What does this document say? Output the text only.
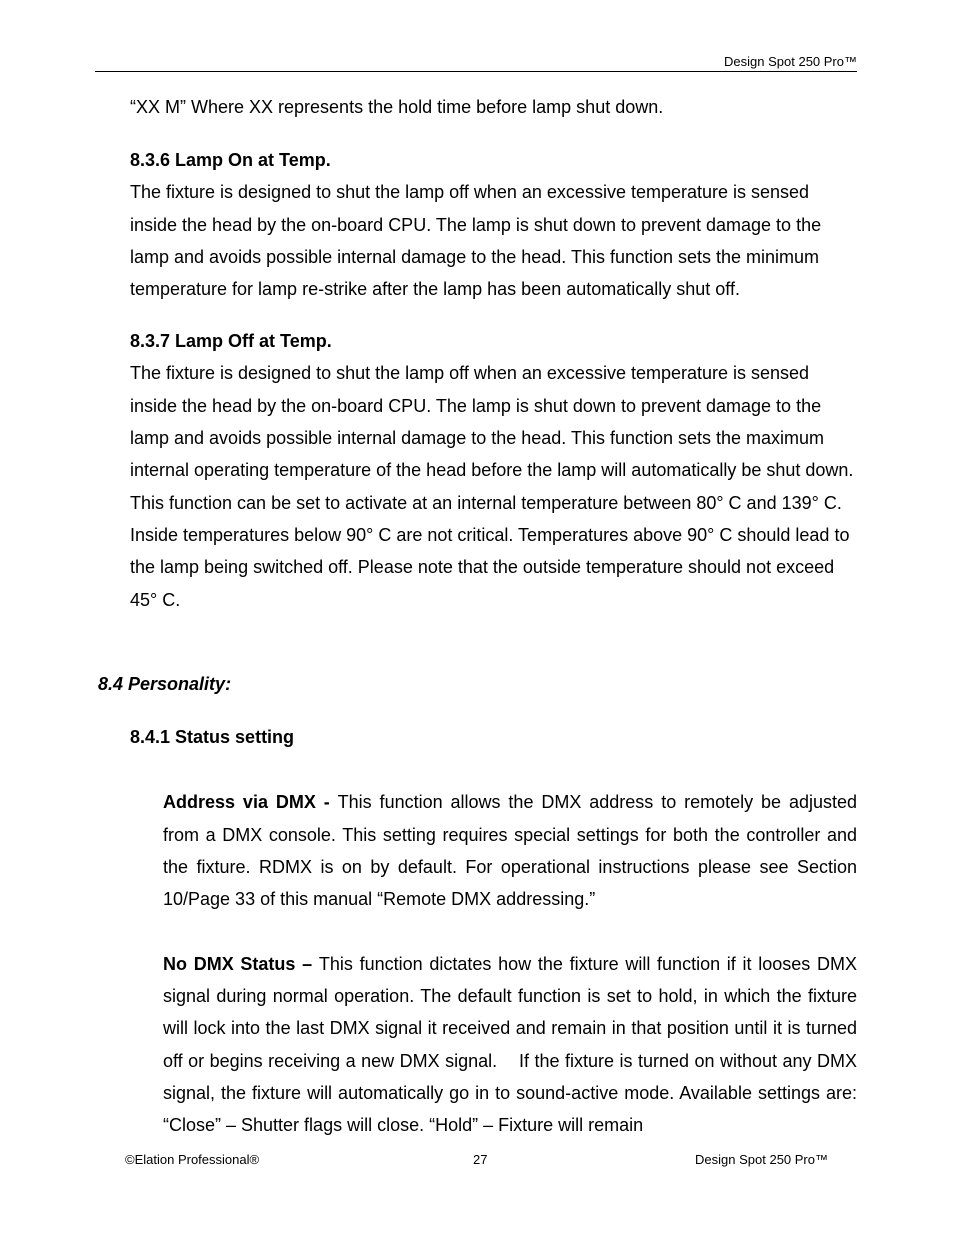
Design Spot 250 Pro™

“XX M” Where XX represents the hold time before lamp shut down.

8.3.6 Lamp On at Temp.

The fixture is designed to shut the lamp off when an excessive temperature is sensed inside the head by the on-board CPU. The lamp is shut down to prevent damage to the lamp and avoids possible internal damage to the head. This function sets the minimum temperature for lamp re-strike after the lamp has been automatically shut off.

8.3.7 Lamp Off at Temp.

The fixture is designed to shut the lamp off when an excessive temperature is sensed inside the head by the on-board CPU. The lamp is shut down to prevent damage to the lamp and avoids possible internal damage to the head. This function sets the maximum internal operating temperature of the head before the lamp will automatically be shut down. This function can be set to activate at an internal temperature between 80° C and 139° C. Inside temperatures below 90° C are not critical. Temperatures above 90° C should lead to the lamp being switched off. Please note that the outside temperature should not exceed 45° C.

8.4 Personality:

8.4.1 Status setting

Address via DMX - This function allows the DMX address to remotely be adjusted from a DMX console. This setting requires special settings for both the controller and the fixture. RDMX is on by default. For operational instructions please see Section 10/Page 33 of this manual “Remote DMX addressing.”

No DMX Status – This function dictates how the fixture will function if it looses DMX signal during normal operation. The default function is set to hold, in which the fixture will lock into the last DMX signal it received and remain in that position until it is turned off or begins receiving a new DMX signal.    If the fixture is turned on without any DMX signal, the fixture will automatically go in to sound-active mode. Available settings are: “Close” – Shutter flags will close. “Hold” – Fixture will remain

©Elation Professional®	27	Design Spot 250 Pro™
